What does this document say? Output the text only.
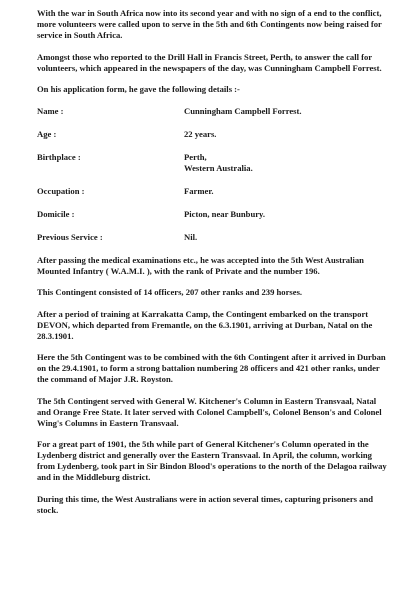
With the war in South Africa now into its second year and with no sign of a end to the conflict, more volunteers were called upon to serve in the 5th and 6th Contingents now being raised for service in South Africa.

Amongst those who reported to the Drill Hall in Francis Street, Perth, to answer the call for volunteers, which appeared in the newspapers of the day, was Cunningham Campbell Forrest.

On his application form, he gave the following details :-

Name :	Cunningham Campbell Forrest.
Age :	22 years.
Birthplace :	Perth,
Western Australia.
Occupation :	Farmer.
Domicile :	Picton, near Bunbury.
Previous Service :	Nil.

After passing the medical examinations etc., he was accepted into the 5th West Australian Mounted Infantry ( W.A.M.I. ), with the rank of Private and the number 196.

This Contingent consisted of 14 officers, 207 other ranks and 239 horses.

After a period of training at Karrakatta Camp, the Contingent embarked on the transport DEVON, which departed from Fremantle, on the 6.3.1901, arriving at Durban, Natal on the 28.3.1901.

Here the 5th Contingent was to be combined with the 6th Contingent after it arrived in Durban on the 29.4.1901, to form a strong battalion numbering 28 officers and 421 other ranks, under the command of Major J.R. Royston.

The 5th Contingent served with General W. Kitchener's Column in Eastern Transvaal, Natal and Orange Free State. It later served with Colonel Campbell's, Colonel Benson's and Colonel Wing's Columns in Eastern Transvaal.

For a great part of 1901, the 5th while part of General Kitchener's Column operated in the Lydenberg district and generally over the Eastern Transvaal. In April, the column, working from Lydenberg, took part in Sir Bindon Blood's operations to the north of the Delagoa railway and in the Middleburg district.

During this time, the West Australians were in action several times, capturing prisoners and stock.
